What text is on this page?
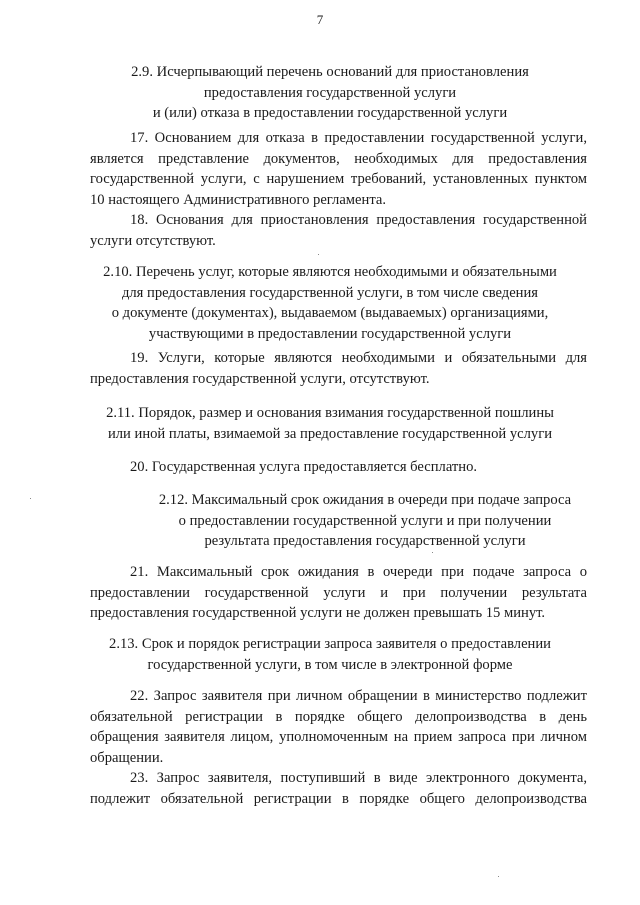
7
2.9. Исчерпывающий перечень оснований для приостановления
предоставления государственной услуги
и (или) отказа в предоставлении государственной услуги
17. Основанием для отказа в предоставлении государственной услуги,
является представление документов, необходимых для предоставления
государственной услуги, с нарушением требований, установленных пунктом
10 настоящего Административного регламента.
18. Основания для приостановления предоставления государственной
услуги отсутствуют.
2.10. Перечень услуг, которые являются необходимыми и обязательными
для предоставления государственной услуги, в том числе сведения
о документе (документах), выдаваемом (выдаваемых) организациями,
участвующими в предоставлении государственной услуги
19. Услуги, которые являются необходимыми и обязательными для
предоставления государственной услуги, отсутствуют.
2.11. Порядок, размер и основания взимания государственной пошлины
или иной платы, взимаемой за предоставление государственной услуги
20. Государственная услуга предоставляется бесплатно.
2.12. Максимальный срок ожидания в очереди при подаче запроса
о предоставлении государственной услуги и при получении
результата предоставления государственной услуги
21. Максимальный срок ожидания в очереди при подаче запроса о
предоставлении государственной услуги и при получении результата
предоставления государственной услуги не должен превышать 15 минут.
2.13. Срок и порядок регистрации запроса заявителя о предоставлении
государственной услуги, в том числе в электронной форме
22. Запрос заявителя при личном обращении в министерство подлежит
обязательной регистрации в порядке общего делопроизводства в день
обращения заявителя лицом, уполномоченным на прием запроса при личном
обращении.
23. Запрос заявителя, поступивший в виде электронного документа,
подлежит обязательной регистрации в порядке общего делопроизводства
